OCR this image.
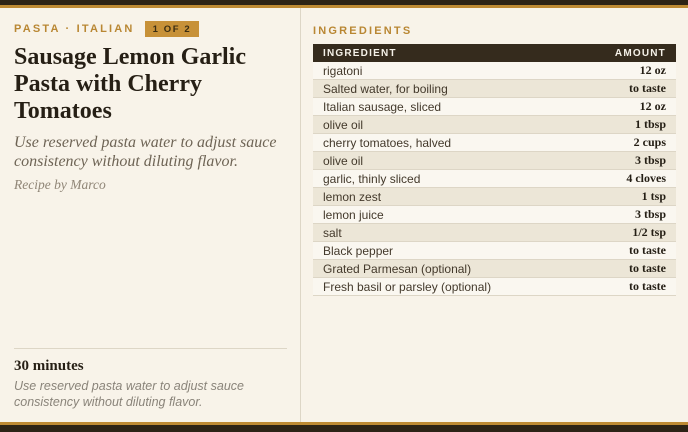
PASTA · ITALIAN	1 OF 2
Sausage Lemon Garlic Pasta with Cherry Tomatoes

Use reserved pasta water to adjust sauce consistency without diluting flavor.

Recipe by Marco

30 minutes
Use reserved pasta water to adjust sauce consistency without diluting flavor.
INGREDIENTS
INGREDIENT	AMOUNT
rigatoni	12 oz
Salted water, for boiling	to taste
Italian sausage, sliced	12 oz
olive oil	1 tbsp
cherry tomatoes, halved	2 cups
olive oil	3 tbsp
garlic, thinly sliced	4 cloves
lemon zest	1 tsp
lemon juice	3 tbsp
salt	1/2 tsp
Black pepper	to taste
Grated Parmesan (optional)	to taste
Fresh basil or parsley (optional)	to taste
